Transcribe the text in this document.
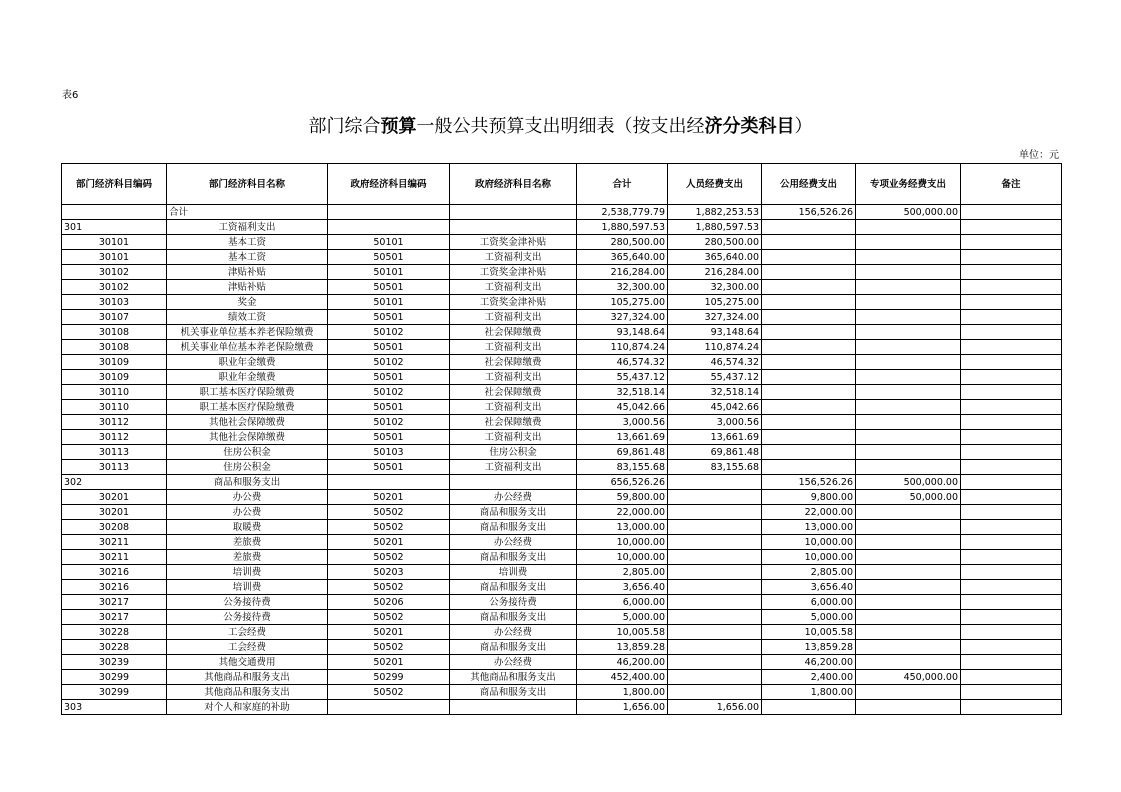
表6
部门综合预算一般公共预算支出明细表（按支出经济分类科目）
单位：元
部门经济科目编码	部门经济科目名称	政府经济科目编码	政府经济科目名称	合计	人员经费支出	公用经费支出	专项业务经费支出	备注
	合计			2,538,779.79	1,882,253.53	156,526.26	500,000.00	
301	工资福利支出			1,880,597.53	1,880,597.53			
30101	基本工资	50101	工资奖金津补贴	280,500.00	280,500.00			
30101	基本工资	50501	工资福利支出	365,640.00	365,640.00			
30102	津贴补贴	50101	工资奖金津补贴	216,284.00	216,284.00			
30102	津贴补贴	50501	工资福利支出	32,300.00	32,300.00			
30103	奖金	50101	工资奖金津补贴	105,275.00	105,275.00			
30107	绩效工资	50501	工资福利支出	327,324.00	327,324.00			
30108	机关事业单位基本养老保险缴费	50102	社会保障缴费	93,148.64	93,148.64			
30108	机关事业单位基本养老保险缴费	50501	工资福利支出	110,874.24	110,874.24			
30109	职业年金缴费	50102	社会保障缴费	46,574.32	46,574.32			
30109	职业年金缴费	50501	工资福利支出	55,437.12	55,437.12			
30110	职工基本医疗保险缴费	50102	社会保障缴费	32,518.14	32,518.14			
30110	职工基本医疗保险缴费	50501	工资福利支出	45,042.66	45,042.66			
30112	其他社会保障缴费	50102	社会保障缴费	3,000.56	3,000.56			
30112	其他社会保障缴费	50501	工资福利支出	13,661.69	13,661.69			
30113	住房公积金	50103	住房公积金	69,861.48	69,861.48			
30113	住房公积金	50501	工资福利支出	83,155.68	83,155.68			
302	商品和服务支出			656,526.26		156,526.26	500,000.00	
30201	办公费	50201	办公经费	59,800.00		9,800.00	50,000.00	
30201	办公费	50502	商品和服务支出	22,000.00		22,000.00		
30208	取暖费	50502	商品和服务支出	13,000.00		13,000.00		
30211	差旅费	50201	办公经费	10,000.00		10,000.00		
30211	差旅费	50502	商品和服务支出	10,000.00		10,000.00		
30216	培训费	50203	培训费	2,805.00		2,805.00		
30216	培训费	50502	商品和服务支出	3,656.40		3,656.40		
30217	公务接待费	50206	公务接待费	6,000.00		6,000.00		
30217	公务接待费	50502	商品和服务支出	5,000.00		5,000.00		
30228	工会经费	50201	办公经费	10,005.58		10,005.58		
30228	工会经费	50502	商品和服务支出	13,859.28		13,859.28		
30239	其他交通费用	50201	办公经费	46,200.00		46,200.00		
30299	其他商品和服务支出	50299	其他商品和服务支出	452,400.00		2,400.00	450,000.00	
30299	其他商品和服务支出	50502	商品和服务支出	1,800.00		1,800.00		
303	对个人和家庭的补助			1,656.00	1,656.00			
